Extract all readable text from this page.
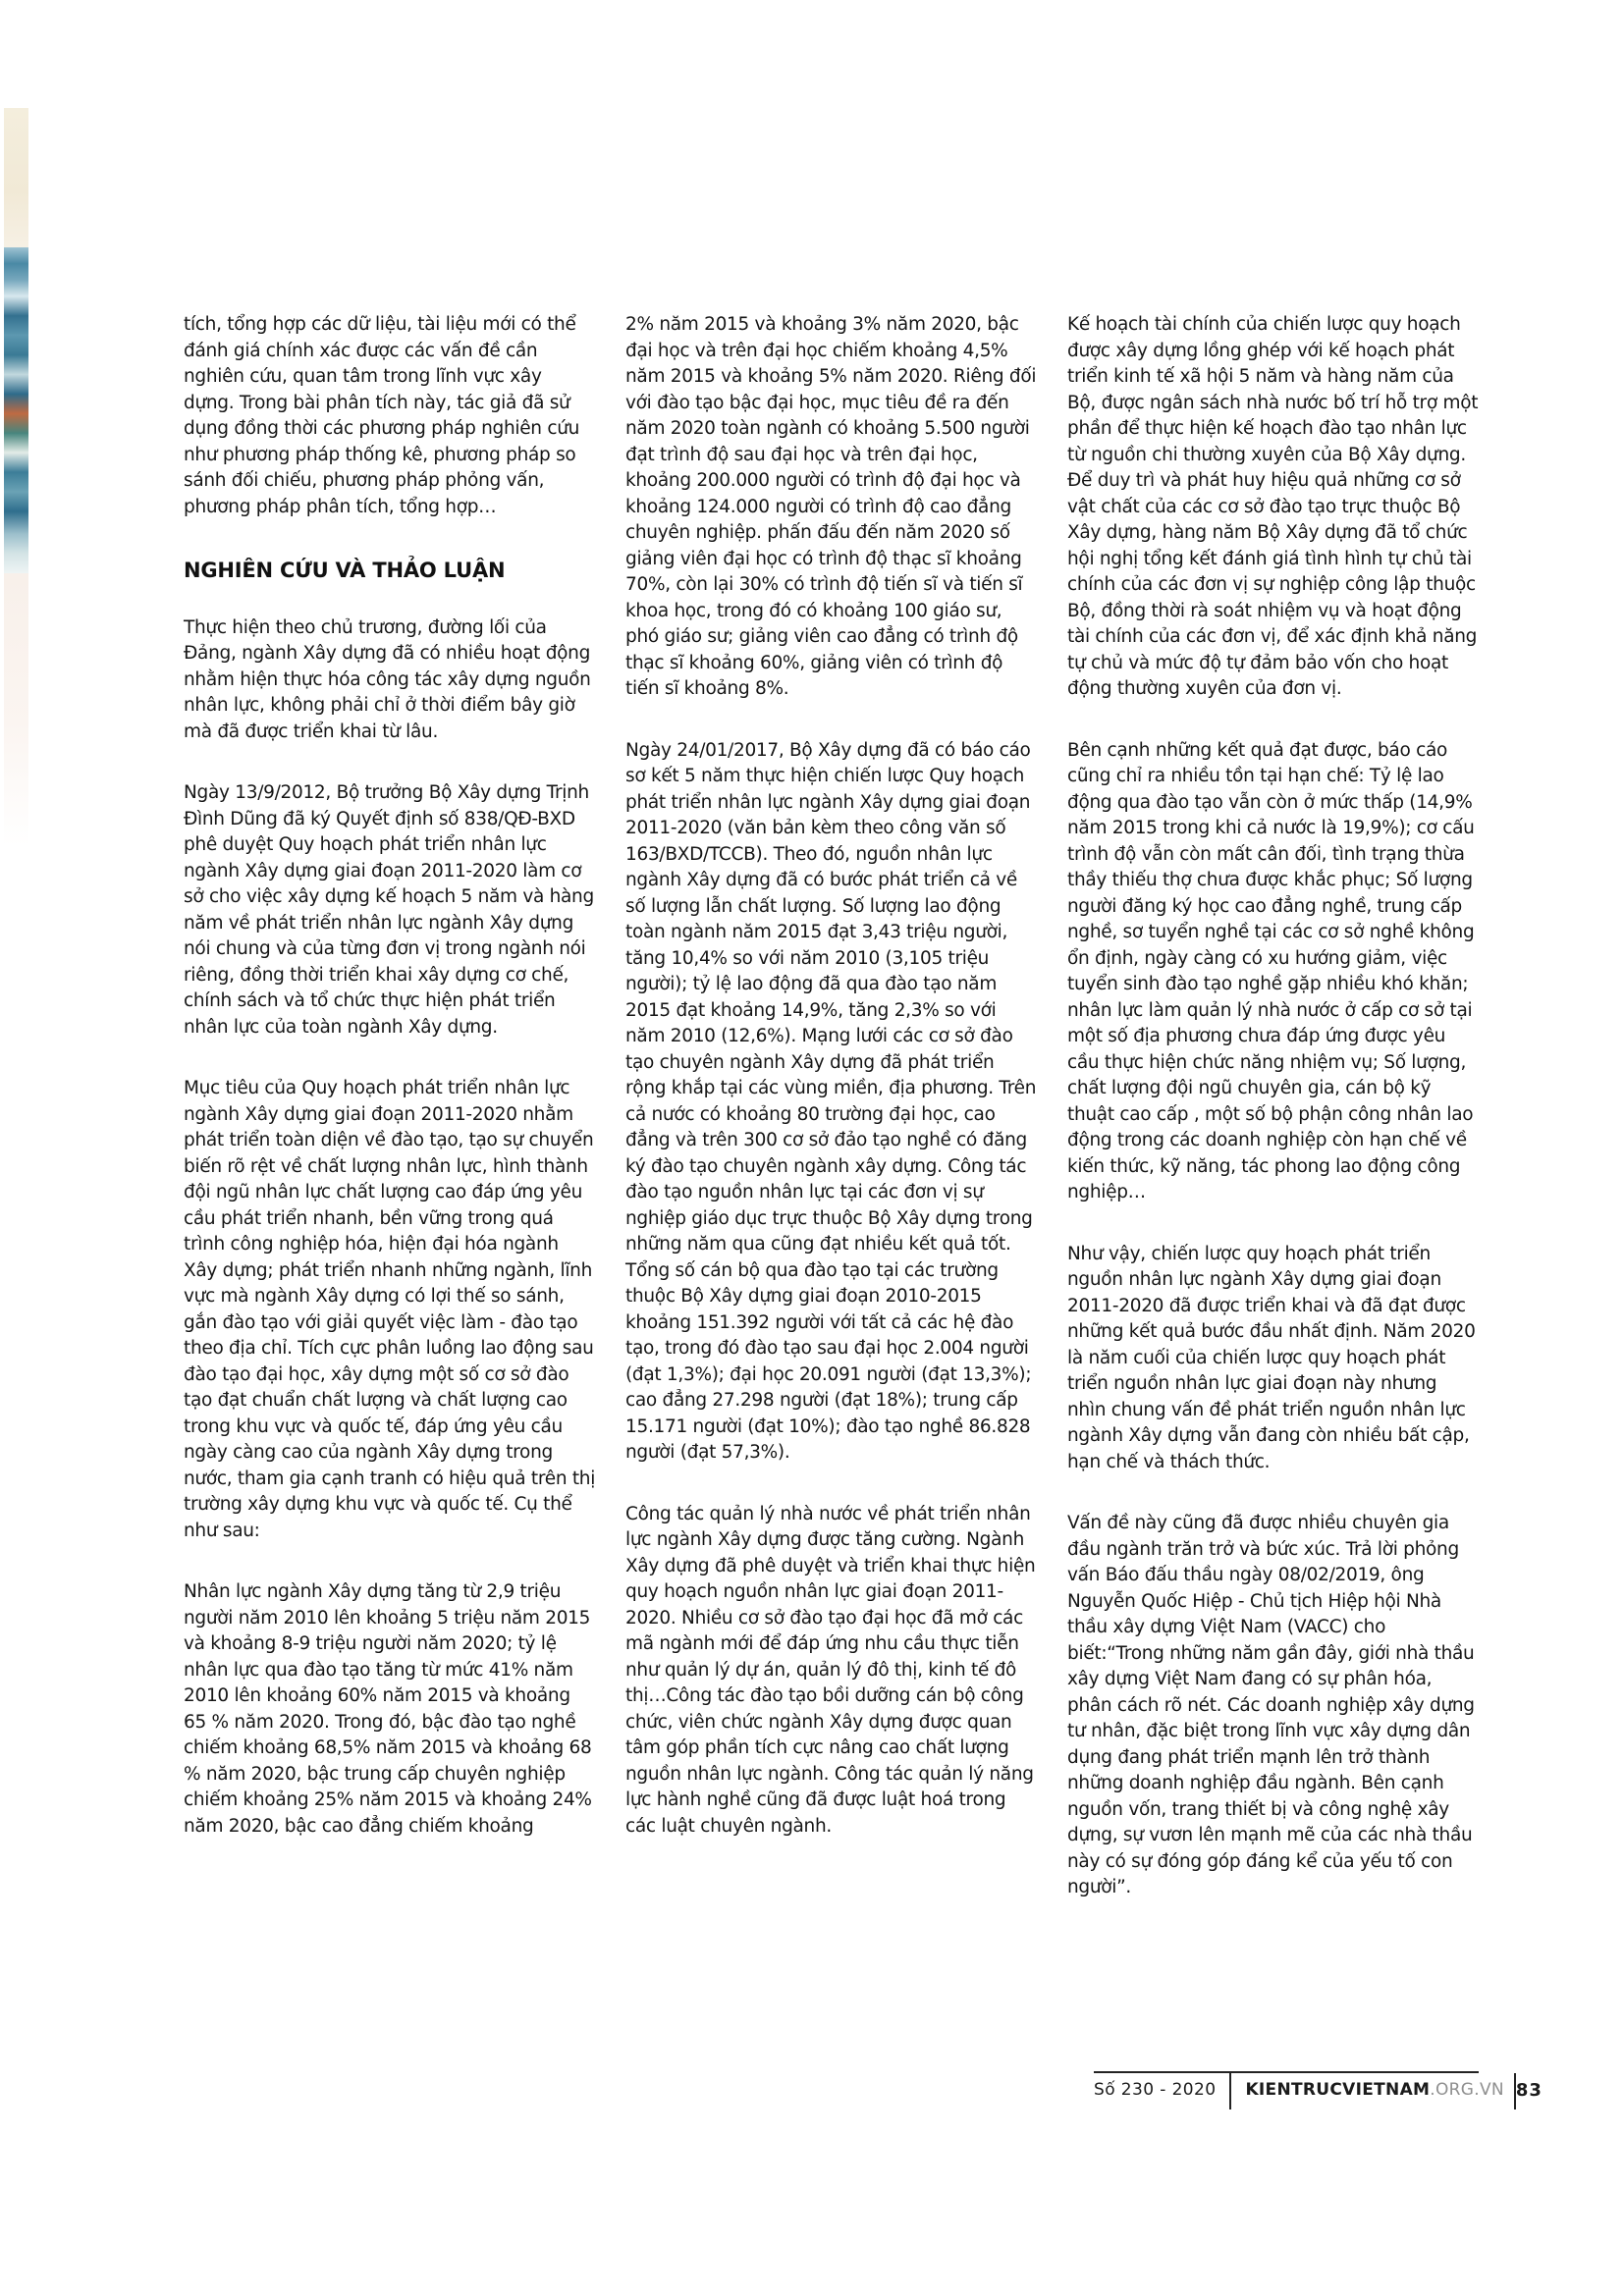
tích, tổng hợp các dữ liệu, tài liệu mới có thể đánh giá chính xác được các vấn đề cần nghiên cứu, quan tâm trong lĩnh vực xây dựng. Trong bài phân tích này, tác giả đã sử dụng đồng thời các phương pháp nghiên cứu như phương pháp thống kê, phương pháp so sánh đối chiếu, phương pháp phỏng vấn, phương pháp phân tích, tổng hợp…

NGHIÊN CỨU VÀ THẢO LUẬN

Thực hiện theo chủ trương, đường lối của Đảng, ngành Xây dựng đã có nhiều hoạt động nhằm hiện thực hóa công tác xây dựng nguồn nhân lực, không phải chỉ ở thời điểm bây giờ mà đã được triển khai từ lâu.

Ngày 13/9/2012, Bộ trưởng Bộ Xây dựng Trịnh Đình Dũng đã ký Quyết định số 838/QĐ-BXD phê duyệt Quy hoạch phát triển nhân lực ngành Xây dựng giai đoạn 2011-2020 làm cơ sở cho việc xây dựng kế hoạch 5 năm và hàng năm về phát triển nhân lực ngành Xây dựng nói chung và của từng đơn vị trong ngành nói riêng, đồng thời triển khai xây dựng cơ chế, chính sách và tổ chức thực hiện phát triển nhân lực của toàn ngành Xây dựng.

Mục tiêu của Quy hoạch phát triển nhân lực ngành Xây dựng giai đoạn 2011-2020 nhằm phát triển toàn diện về đào tạo, tạo sự chuyển biến rõ rệt về chất lượng nhân lực, hình thành đội ngũ nhân lực chất lượng cao đáp ứng yêu cầu phát triển nhanh, bền vững trong quá trình công nghiệp hóa, hiện đại hóa ngành Xây dựng; phát triển nhanh những ngành, lĩnh vực mà ngành Xây dựng có lợi thế so sánh, gắn đào tạo với giải quyết việc làm - đào tạo theo địa chỉ. Tích cực phân luồng lao động sau đào tạo đại học, xây dựng một số cơ sở đào tạo đạt chuẩn chất lượng và chất lượng cao trong khu vực và quốc tế, đáp ứng yêu cầu ngày càng cao của ngành Xây dựng trong nước, tham gia cạnh tranh có hiệu quả trên thị trường xây dựng khu vực và quốc tế. Cụ thể như sau:

Nhân lực ngành Xây dựng tăng từ 2,9 triệu người năm 2010 lên khoảng 5 triệu năm 2015 và khoảng 8-9 triệu người năm 2020; tỷ lệ nhân lực qua đào tạo tăng từ mức 41% năm 2010 lên khoảng 60% năm 2015 và khoảng 65 % năm 2020. Trong đó, bậc đào tạo nghề chiếm khoảng 68,5% năm 2015 và khoảng 68 % năm 2020, bậc trung cấp chuyên nghiệp chiếm khoảng 25% năm 2015 và khoảng 24% năm 2020, bậc cao đẳng chiếm khoảng

2% năm 2015 và khoảng 3% năm 2020, bậc đại học và trên đại học chiếm khoảng 4,5% năm 2015 và khoảng 5% năm 2020. Riêng đối với đào tạo bậc đại học, mục tiêu đề ra đến năm 2020 toàn ngành có khoảng 5.500 người đạt trình độ sau đại học và trên đại học, khoảng 200.000 người có trình độ đại học và khoảng 124.000 người có trình độ cao đẳng chuyên nghiệp. phấn đấu đến năm 2020 số giảng viên đại học có trình độ thạc sĩ khoảng 70%, còn lại 30% có trình độ tiến sĩ và tiến sĩ khoa học, trong đó có khoảng 100 giáo sư, phó giáo sư; giảng viên cao đẳng có trình độ thạc sĩ khoảng 60%, giảng viên có trình độ tiến sĩ khoảng 8%.

Ngày 24/01/2017, Bộ Xây dựng đã có báo cáo sơ kết 5 năm thực hiện chiến lược Quy hoạch phát triển nhân lực ngành Xây dựng giai đoạn 2011-2020 (văn bản kèm theo công văn số 163/BXD/TCCB). Theo đó, nguồn nhân lực ngành Xây dựng đã có bước phát triển cả về số lượng lẫn chất lượng. Số lượng lao động toàn ngành năm 2015 đạt 3,43 triệu người, tăng 10,4% so với năm 2010 (3,105 triệu người); tỷ lệ lao động đã qua đào tạo năm 2015 đạt khoảng 14,9%, tăng 2,3% so với năm 2010 (12,6%). Mạng lưới các cơ sở đào tạo chuyên ngành Xây dựng đã phát triển rộng khắp tại các vùng miền, địa phương. Trên cả nước có khoảng 80 trường đại học, cao đẳng và trên 300 cơ sở đảo tạo nghề có đăng ký đào tạo chuyên ngành xây dựng. Công tác đào tạo nguồn nhân lực tại các đơn vị sự nghiệp giáo dục trực thuộc Bộ Xây dựng trong những năm qua cũng đạt nhiều kết quả tốt. Tổng số cán bộ qua đào tạo tại các trường thuộc Bộ Xây dựng giai đoạn 2010-2015 khoảng 151.392 người với tất cả các hệ đào tạo, trong đó đào tạo sau đại học 2.004 người (đạt 1,3%); đại học 20.091 người (đạt 13,3%); cao đẳng 27.298 người (đạt 18%); trung cấp 15.171 người (đạt 10%); đào tạo nghề 86.828 người (đạt 57,3%).

Công tác quản lý nhà nước về phát triển nhân lực ngành Xây dựng được tăng cường. Ngành Xây dựng đã phê duyệt và triển khai thực hiện quy hoạch nguồn nhân lực giai đoạn 2011-2020. Nhiều cơ sở đào tạo đại học đã mở các mã ngành mới để đáp ứng nhu cầu thực tiễn như quản lý dự án, quản lý đô thị, kinh tế đô thị…Công tác đào tạo bồi dưỡng cán bộ công chức, viên chức ngành Xây dựng được quan tâm góp phần tích cực nâng cao chất lượng nguồn nhân lực ngành. Công tác quản lý năng lực hành nghề cũng đã được luật hoá trong các luật chuyên ngành.

Kế hoạch tài chính của chiến lược quy hoạch được xây dựng lồng ghép với kế hoạch phát triển kinh tế xã hội 5 năm và hàng năm của Bộ, được ngân sách nhà nước bố trí hỗ trợ một phần để thực hiện kế hoạch đào tạo nhân lực từ nguồn chi thường xuyên của Bộ Xây dựng. Để duy trì và phát huy hiệu quả những cơ sở vật chất của các cơ sở đào tạo trực thuộc Bộ Xây dựng, hàng năm Bộ Xây dựng đã tổ chức hội nghị tổng kết đánh giá tình hình tự chủ tài chính của các đơn vị sự nghiệp công lập thuộc Bộ, đồng thời rà soát nhiệm vụ và hoạt động tài chính của các đơn vị, để xác định khả năng tự chủ và mức độ tự đảm bảo vốn cho hoạt động thường xuyên của đơn vị.

Bên cạnh những kết quả đạt được, báo cáo cũng chỉ ra nhiều tồn tại hạn chế: Tỷ lệ lao động qua đào tạo vẫn còn ở mức thấp (14,9% năm 2015 trong khi cả nước là 19,9%); cơ cấu trình độ vẫn còn mất cân đối, tình trạng thừa thầy thiếu thợ chưa được khắc phục; Số lượng người đăng ký học cao đẳng nghề, trung cấp nghề, sơ tuyển nghề tại các cơ sở nghề không ổn định, ngày càng có xu hướng giảm, việc tuyển sinh đào tạo nghề gặp nhiều khó khăn; nhân lực làm quản lý nhà nước ở cấp cơ sở tại một số địa phương chưa đáp ứng được yêu cầu thực hiện chức năng nhiệm vụ; Số lượng, chất lượng đội ngũ chuyên gia, cán bộ kỹ thuật cao cấp , một số bộ phận công nhân lao động trong các doanh nghiệp còn hạn chế về kiến thức, kỹ năng, tác phong lao động công nghiệp…

Như vậy, chiến lược quy hoạch phát triển nguồn nhân lực ngành Xây dựng giai đoạn 2011-2020 đã được triển khai và đã đạt được những kết quả bước đầu nhất định. Năm 2020 là năm cuối của chiến lược quy hoạch phát triển nguồn nhân lực giai đoạn này nhưng nhìn chung vấn đề phát triển nguồn nhân lực ngành Xây dựng vẫn đang còn nhiều bất cập, hạn chế và thách thức.

Vấn đề này cũng đã được nhiều chuyên gia đầu ngành trăn trở và bức xúc. Trả lời phỏng vấn Báo đấu thầu ngày 08/02/2019, ông Nguyễn Quốc Hiệp - Chủ tịch Hiệp hội Nhà thầu xây dựng Việt Nam (VACC) cho biết:“Trong những năm gần đây, giới nhà thầu xây dựng Việt Nam đang có sự phân hóa, phân cách rõ nét. Các doanh nghiệp xây dựng tư nhân, đặc biệt trong lĩnh vực xây dựng dân dụng đang phát triển mạnh lên trở thành những doanh nghiệp đầu ngành. Bên cạnh nguồn vốn, trang thiết bị và công nghệ xây dựng, sự vươn lên mạnh mẽ của các nhà thầu này có sự đóng góp đáng kể của yếu tố con người”.

Số 230 - 2020	KIENTRUCVIETNAM.ORG.VN 83
